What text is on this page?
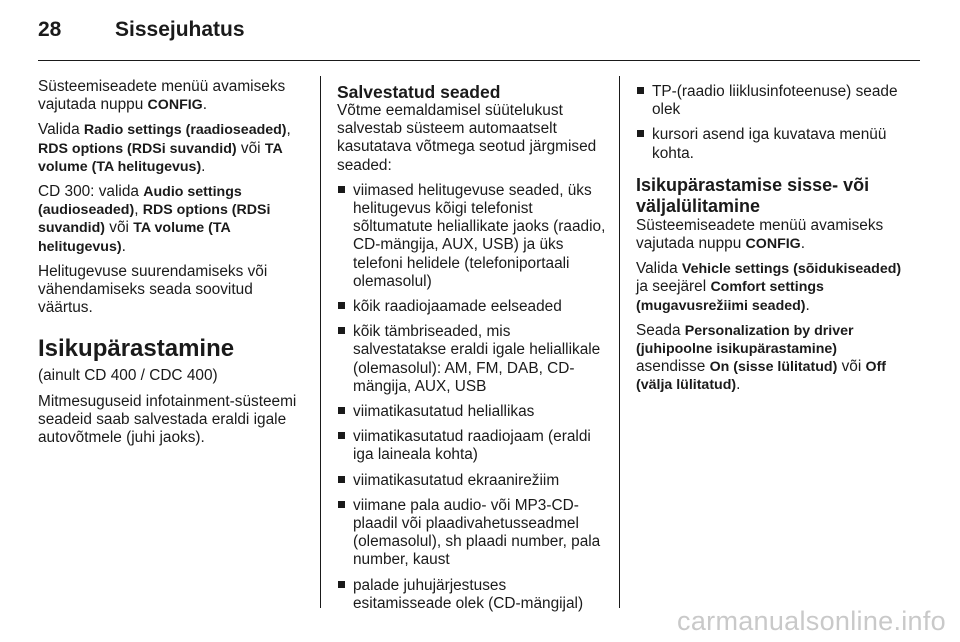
28	Sissejuhatus

Süsteemiseadete menüü avamiseks vajutada nuppu CONFIG.

Valida Radio settings (raadioseaded), RDS options (RDSi suvandid) või TA volume (TA helitugevus).

CD 300: valida Audio settings (audioseaded), RDS options (RDSi suvandid) või TA volume (TA helitugevus).

Helitugevuse suurendamiseks või vähendamiseks seada soovitud väärtus.

Isikupärastamine

(ainult CD 400 / CDC 400)

Mitmesuguseid infotainment-süsteemi seadeid saab salvestada eraldi igale autovõtmele (juhi jaoks).

Salvestatud seaded

Võtme eemaldamisel süütelukust salvestab süsteem automaatselt kasutatava võtmega seotud järgmised seaded:

viimased helitugevuse seaded, üks helitugevus kõigi telefonist sõltumatute heliallikate jaoks (raadio, CD-mängija, AUX, USB) ja üks telefoni helidele (telefoniportaali olemasolul)
kõik raadiojaamade eelseaded
kõik tämbriseaded, mis salvestatakse eraldi igale heliallikale (olemasolul): AM, FM, DAB, CD-mängija, AUX, USB
viimatikasutatud heliallikas
viimatikasutatud raadiojaam (eraldi iga laineala kohta)
viimatikasutatud ekraanirežiim
viimane pala audio- või MP3-CD-plaadil või plaadivahetusseadmel (olemasolul), sh plaadi number, pala number, kaust
palade juhujärjestuses esitamisseade olek (CD-mängijal)
TP-(raadio liiklusinfoteenuse) seade olek
kursori asend iga kuvatava menüü kohta.
Isikupärastamise sisse- või väljalülitamine

Süsteemiseadete menüü avamiseks vajutada nuppu CONFIG.

Valida Vehicle settings (sõidukiseaded) ja seejärel Comfort settings (mugavusrežiimi seaded).

Seada Personalization by driver (juhipoolne isikupärastamine) asendisse On (sisse lülitatud) või Off (välja lülitatud).

carmanualsonline.info
